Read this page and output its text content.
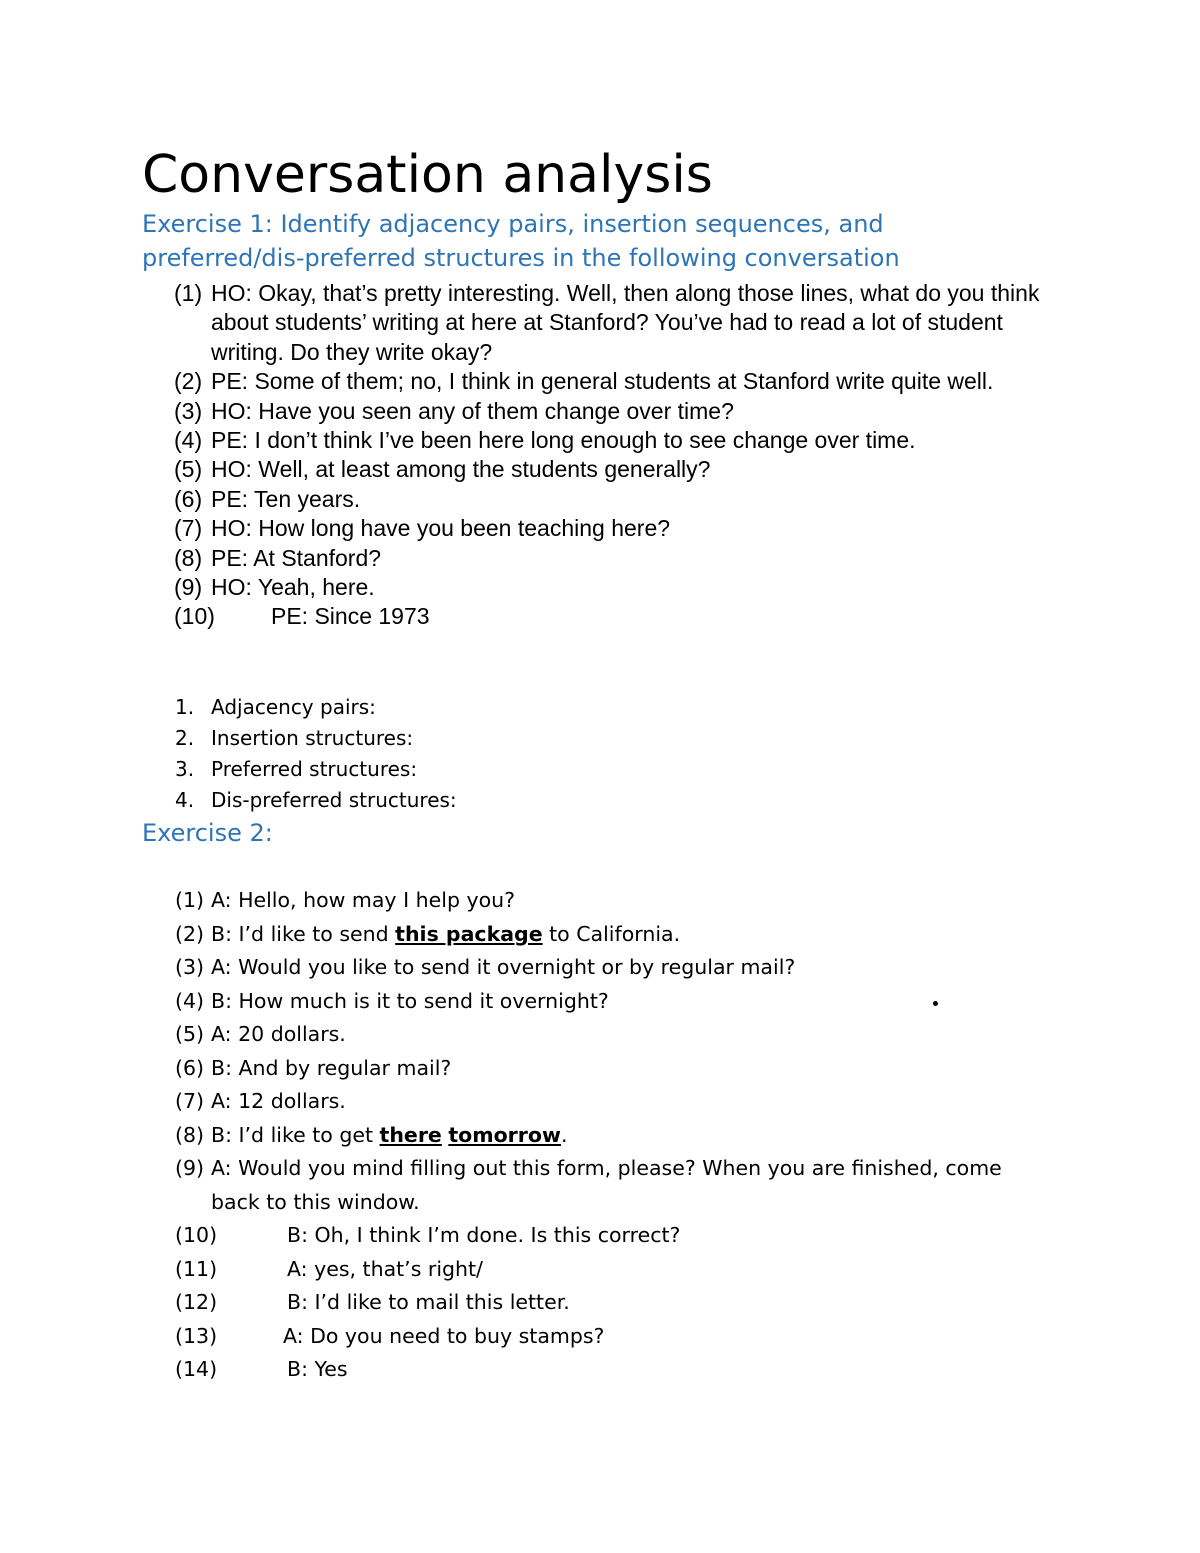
Conversation analysis
Exercise 1: Identify adjacency pairs, insertion sequences, and
preferred/dis-preferred structures in the following conversation
(1) HO: Okay, that’s pretty interesting. Well, then along those lines, what do you think about students’ writing at here at Stanford? You’ve had to read a lot of student writing. Do they write okay?
(2) PE: Some of them; no, I think in general students at Stanford write quite well.
(3) HO: Have you seen any of them change over time?
(4) PE: I don’t think I’ve been here long enough to see change over time.
(5) HO: Well, at least among the students generally?
(6) PE: Ten years.
(7) HO: How long have you been teaching here?
(8) PE: At Stanford?
(9) HO: Yeah, here.
(10) PE: Since 1973
1. Adjacency pairs:
2. Insertion structures:
3. Preferred structures:
4. Dis-preferred structures:
Exercise 2:
(1) A: Hello, how may I help you?
(2) B: I’d like to send this package to California.
(3) A: Would you like to send it overnight or by regular mail?
(4) B: How much is it to send it overnight?
(5) A: 20 dollars.
(6) B: And by regular mail?
(7) A: 12 dollars.
(8) B: I’d like to get there tomorrow.
(9) A: Would you mind filling out this form, please? When you are finished, come back to this window.
(10)	B: Oh, I think I’m done. Is this correct?
(11)	A: yes, that’s right/
(12)	B: I’d like to mail this letter.
(13)	A: Do you need to buy stamps?
(14)	B: Yes
